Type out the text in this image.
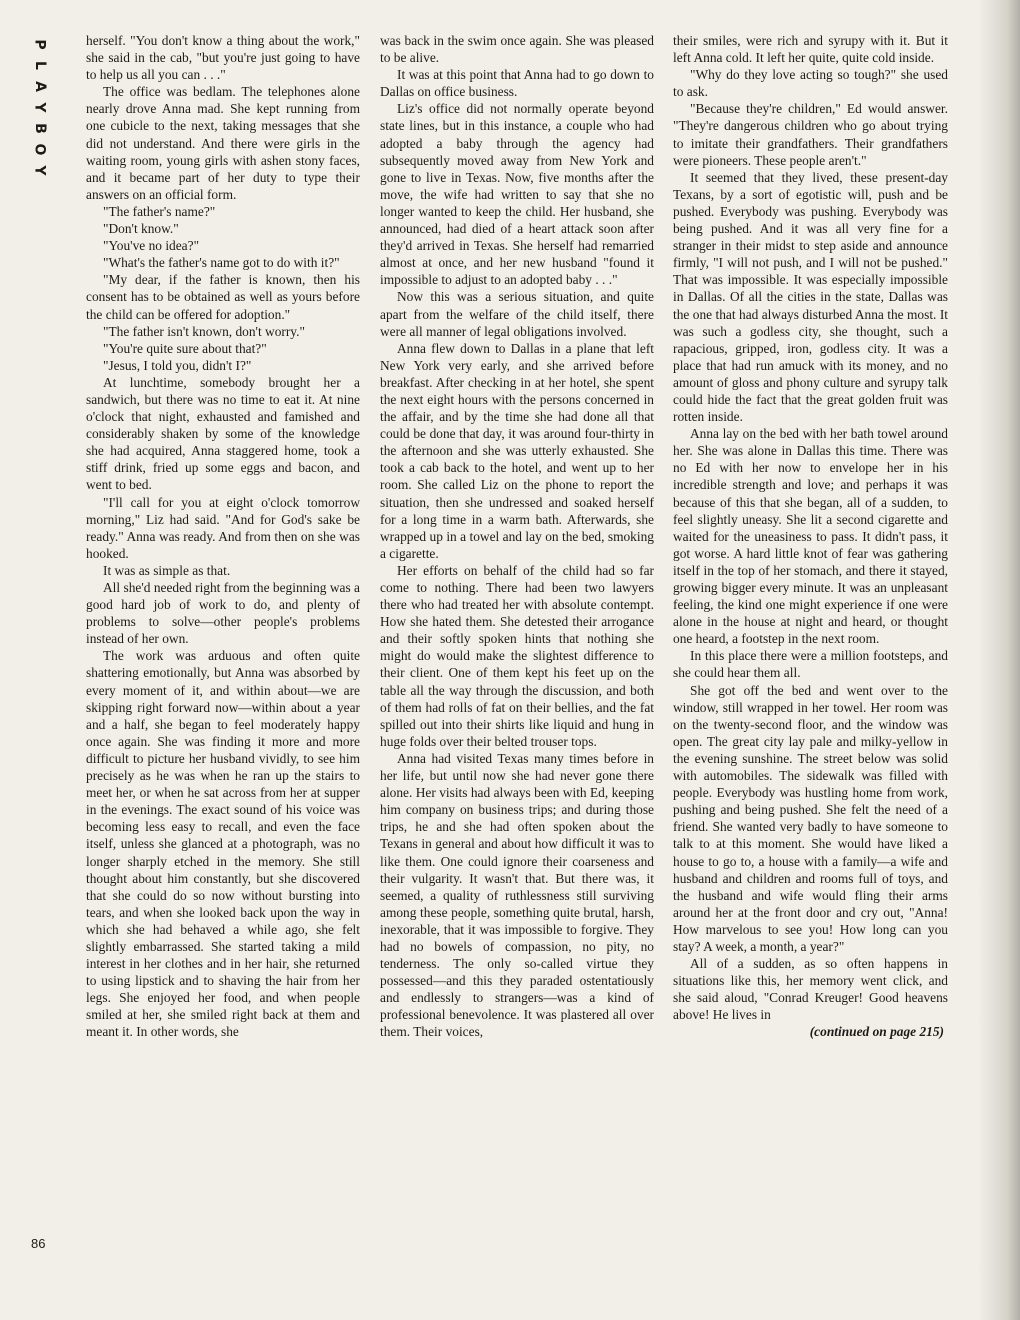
P
L
A
Y
B
O
Y

herself. "You don't know a thing about the work," she said in the cab, "but you're just going to have to help us all you can . . ."

The office was bedlam. The telephones alone nearly drove Anna mad. She kept running from one cubicle to the next, taking messages that she did not understand. And there were girls in the waiting room, young girls with ashen stony faces, and it became part of her duty to type their answers on an official form.

"The father's name?"

"Don't know."

"You've no idea?"

"What's the father's name got to do with it?"

"My dear, if the father is known, then his consent has to be obtained as well as yours before the child can be offered for adoption."

"The father isn't known, don't worry."

"You're quite sure about that?"

"Jesus, I told you, didn't I?"

At lunchtime, somebody brought her a sandwich, but there was no time to eat it. At nine o'clock that night, exhausted and famished and considerably shaken by some of the knowledge she had acquired, Anna staggered home, took a stiff drink, fried up some eggs and bacon, and went to bed.

"I'll call for you at eight o'clock tomorrow morning," Liz had said. "And for God's sake be ready." Anna was ready. And from then on she was hooked.

It was as simple as that.

All she'd needed right from the beginning was a good hard job of work to do, and plenty of problems to solve—other people's problems instead of her own.

The work was arduous and often quite shattering emotionally, but Anna was absorbed by every moment of it, and within about—we are skipping right forward now—within about a year and a half, she began to feel moderately happy once again. She was finding it more and more difficult to picture her husband vividly, to see him precisely as he was when he ran up the stairs to meet her, or when he sat across from her at supper in the evenings. The exact sound of his voice was becoming less easy to recall, and even the face itself, unless she glanced at a photograph, was no longer sharply etched in the memory. She still thought about him constantly, but she discovered that she could do so now without bursting into tears, and when she looked back upon the way in which she had behaved a while ago, she felt slightly embarrassed. She started taking a mild interest in her clothes and in her hair, she returned to using lipstick and to shaving the hair from her legs. She enjoyed her food, and when people smiled at her, she smiled right back at them and meant it. In other words, she

was back in the swim once again. She was pleased to be alive.

It was at this point that Anna had to go down to Dallas on office business.

Liz's office did not normally operate beyond state lines, but in this instance, a couple who had adopted a baby through the agency had subsequently moved away from New York and gone to live in Texas. Now, five months after the move, the wife had written to say that she no longer wanted to keep the child. Her husband, she announced, had died of a heart attack soon after they'd arrived in Texas. She herself had remarried almost at once, and her new husband "found it impossible to adjust to an adopted baby . . ."

Now this was a serious situation, and quite apart from the welfare of the child itself, there were all manner of legal obligations involved.

Anna flew down to Dallas in a plane that left New York very early, and she arrived before breakfast. After checking in at her hotel, she spent the next eight hours with the persons concerned in the affair, and by the time she had done all that could be done that day, it was around four-thirty in the afternoon and she was utterly exhausted. She took a cab back to the hotel, and went up to her room. She called Liz on the phone to report the situation, then she undressed and soaked herself for a long time in a warm bath. Afterwards, she wrapped up in a towel and lay on the bed, smoking a cigarette.

Her efforts on behalf of the child had so far come to nothing. There had been two lawyers there who had treated her with absolute contempt. How she hated them. She detested their arrogance and their softly spoken hints that nothing she might do would make the slightest difference to their client. One of them kept his feet up on the table all the way through the discussion, and both of them had rolls of fat on their bellies, and the fat spilled out into their shirts like liquid and hung in huge folds over their belted trouser tops.

Anna had visited Texas many times before in her life, but until now she had never gone there alone. Her visits had always been with Ed, keeping him company on business trips; and during those trips, he and she had often spoken about the Texans in general and about how difficult it was to like them. One could ignore their coarseness and their vulgarity. It wasn't that. But there was, it seemed, a quality of ruthlessness still surviving among these people, something quite brutal, harsh, inexorable, that it was impossible to forgive. They had no bowels of compassion, no pity, no tenderness. The only so-called virtue they possessed—and this they paraded ostentatiously and endlessly to strangers—was a kind of professional benevolence. It was plastered all over them. Their voices,

their smiles, were rich and syrupy with it. But it left Anna cold. It left her quite, quite cold inside.

"Why do they love acting so tough?" she used to ask.

"Because they're children," Ed would answer. "They're dangerous children who go about trying to imitate their grandfathers. Their grandfathers were pioneers. These people aren't."

It seemed that they lived, these present-day Texans, by a sort of egotistic will, push and be pushed. Everybody was pushing. Everybody was being pushed. And it was all very fine for a stranger in their midst to step aside and announce firmly, "I will not push, and I will not be pushed." That was impossible. It was especially impossible in Dallas. Of all the cities in the state, Dallas was the one that had always disturbed Anna the most. It was such a godless city, she thought, such a rapacious, gripped, iron, godless city. It was a place that had run amuck with its money, and no amount of gloss and phony culture and syrupy talk could hide the fact that the great golden fruit was rotten inside.

Anna lay on the bed with her bath towel around her. She was alone in Dallas this time. There was no Ed with her now to envelope her in his incredible strength and love; and perhaps it was because of this that she began, all of a sudden, to feel slightly uneasy. She lit a second cigarette and waited for the uneasiness to pass. It didn't pass, it got worse. A hard little knot of fear was gathering itself in the top of her stomach, and there it stayed, growing bigger every minute. It was an unpleasant feeling, the kind one might experience if one were alone in the house at night and heard, or thought one heard, a footstep in the next room.

In this place there were a million footsteps, and she could hear them all.

She got off the bed and went over to the window, still wrapped in her towel. Her room was on the twenty-second floor, and the window was open. The great city lay pale and milky-yellow in the evening sunshine. The street below was solid with automobiles. The sidewalk was filled with people. Everybody was hustling home from work, pushing and being pushed. She felt the need of a friend. She wanted very badly to have someone to talk to at this moment. She would have liked a house to go to, a house with a family—a wife and husband and children and rooms full of toys, and the husband and wife would fling their arms around her at the front door and cry out, "Anna! How marvelous to see you! How long can you stay? A week, a month, a year?"

All of a sudden, as so often happens in situations like this, her memory went click, and she said aloud, "Conrad Kreuger! Good heavens above! He lives in

(continued on page 215)

86
